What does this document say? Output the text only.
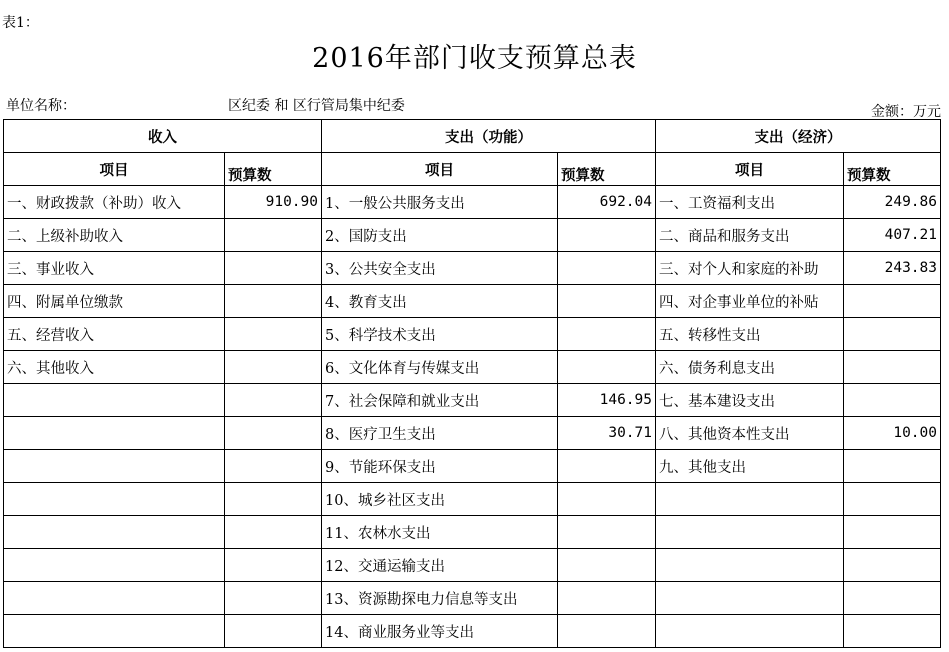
表1：
2016年部门收支预算总表
单位名称：	区纪委 和 区行管局集中纪委	金额：万元
收入		支出（功能）		支出（经济）	
项目	预算数	项目	预算数	项目	预算数
一、财政拨款（补助）收入	910.90	1、一般公共服务支出	692.04	一、工资福利支出	249.86
二、上级补助收入		2、国防支出		二、商品和服务支出	407.21
三、事业收入		3、公共安全支出		三、对个人和家庭的补助	243.83
四、附属单位缴款		4、教育支出		四、对企事业单位的补贴	
五、经营收入		5、科学技术支出		五、转移性支出	
六、其他收入		6、文化体育与传媒支出		六、债务利息支出	
		7、社会保障和就业支出	146.95	七、基本建设支出	
		8、医疗卫生支出	30.71	八、其他资本性支出	10.00
		9、节能环保支出		九、其他支出	
		10、城乡社区支出			
		11、农林水支出			
		12、交通运输支出			
		13、资源勘探电力信息等支出			
		14、商业服务业等支出			
